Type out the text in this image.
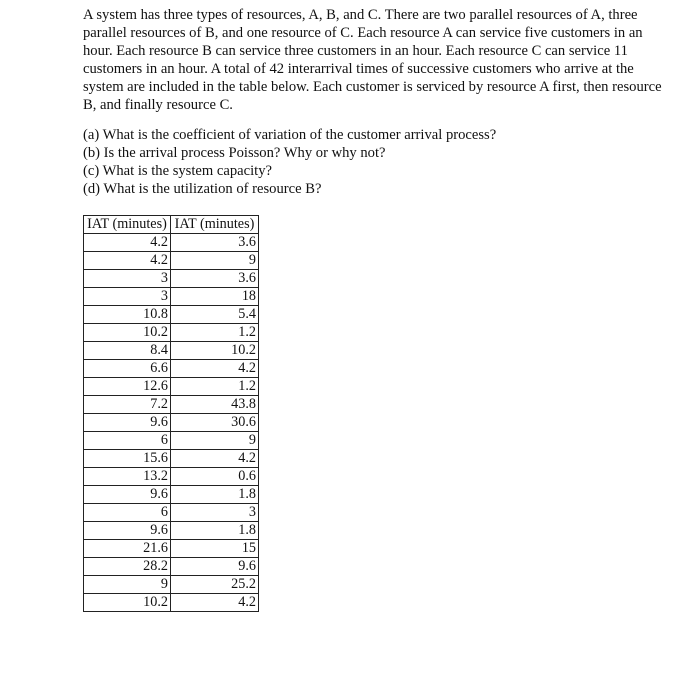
A system has three types of resources, A, B, and C. There are two parallel resources of A, three parallel resources of B, and one resource of C. Each resource A can service five customers in an hour. Each resource B can service three customers in an hour. Each resource C can service 11 customers in an hour. A total of 42 interarrival times of successive customers who arrive at the system are included in the table below. Each customer is serviced by resource A first, then resource B, and finally resource C.

(a) What is the coefficient of variation of the customer arrival process?
(b) Is the arrival process Poisson? Why or why not?
(c) What is the system capacity?
(d) What is the utilization of resource B?
IAT (minutes)	IAT (minutes)
4.2	3.6
4.2	9
3	3.6
3	18
10.8	5.4
10.2	1.2
8.4	10.2
6.6	4.2
12.6	1.2
7.2	43.8
9.6	30.6
6	9
15.6	4.2
13.2	0.6
9.6	1.8
6	3
9.6	1.8
21.6	15
28.2	9.6
9	25.2
10.2	4.2
